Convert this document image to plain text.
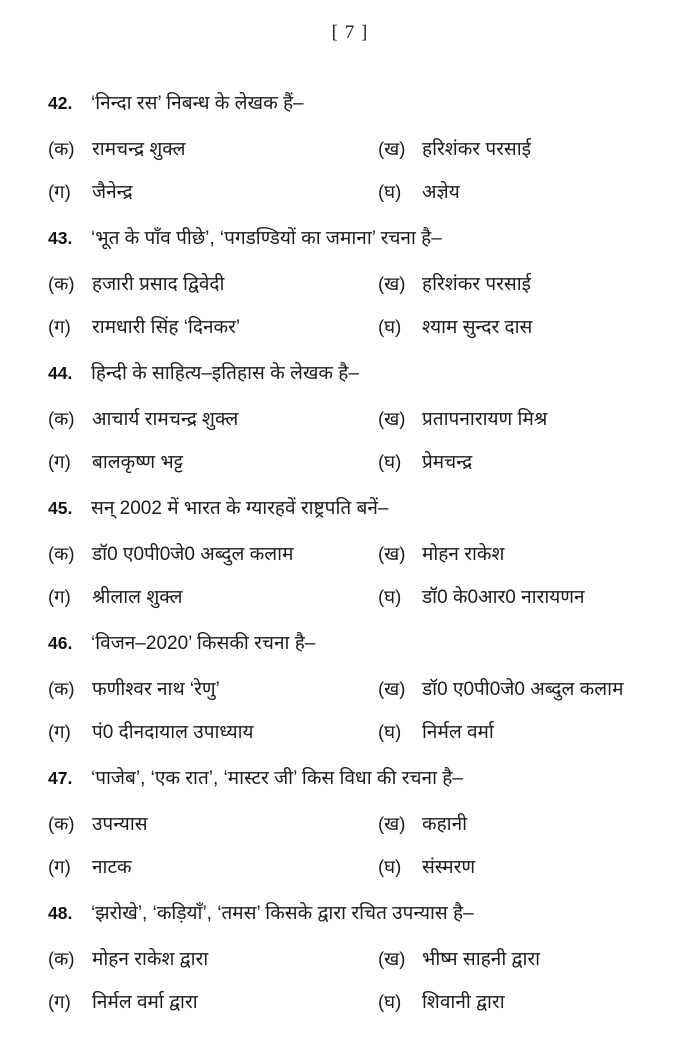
[ 7 ]
42. ‘निन्दा रस’ निबन्ध के लेखक हैं–
(क) रामचन्द्र शुक्ल	(ख) हरिशंकर परसाई
(ग)	जैनेन्द्र	(घ)	अज्ञेय
43. ‘भूत के पाँव पीछे’, ‘पगडण्डियों का जमाना’ रचना है–
(क) हजारी प्रसाद द्विवेदी	(ख) हरिशंकर परसाई
(ग)	रामधारी सिंह ‘दिनकर’	(घ)	श्याम सुन्दर दास
44. हिन्दी के साहित्य–इतिहास के लेखक है–
(क) आचार्य रामचन्द्र शुक्ल	(ख) प्रतापनारायण मिश्र
(ग)	बालकृष्ण भट्ट	(घ)	प्रेमचन्द्र
45. सन् 2002 में भारत के ग्यारहवें राष्ट्रपति बनें–
(क) डॉ0 ए0पी0जे0 अब्दुल कलाम	(ख) मोहन राकेश
(ग)	श्रीलाल शुक्ल	(घ)	डॉ0 के0आर0 नारायणन
46. ‘विजन–2020’ किसकी रचना है–
(क) फणीश्वर नाथ ‘रेणु’	(ख) डॉ0 ए0पी0जे0 अब्दुल कलाम
(ग)	पं0 दीनदायाल उपाध्याय	(घ)	निर्मल वर्मा
47. ‘पाजेब’, ‘एक रात’, ‘मास्टर जी’ किस विधा की रचना है–
(क) उपन्यास	(ख) कहानी
(ग)	नाटक	(घ)	संस्मरण
48. ‘झरोखे’, ‘कड़ियाँ’, ‘तमस’ किसके द्वारा रचित उपन्यास है–
(क) मोहन राकेश द्वारा	(ख) भीष्म साहनी द्वारा
(ग)	निर्मल वर्मा द्वारा	(घ)	शिवानी द्वारा
